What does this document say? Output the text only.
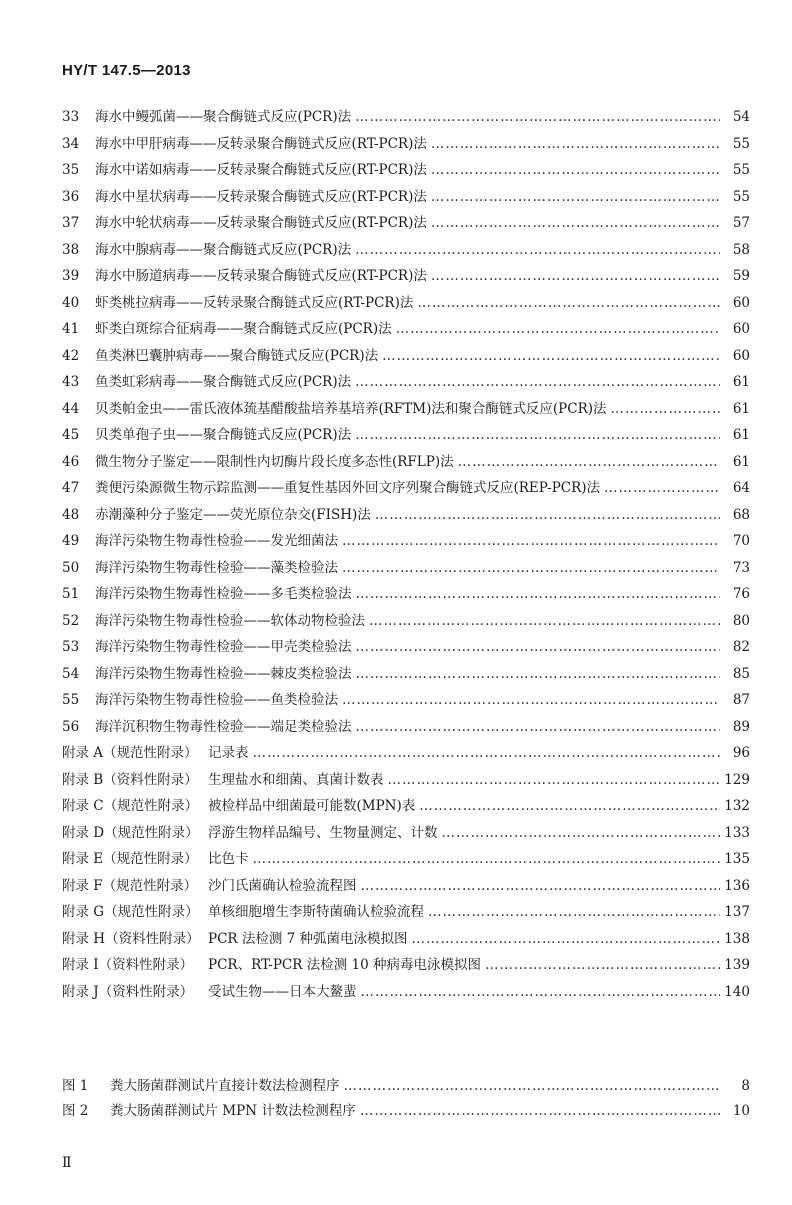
HY/T 147.5—2013
33	海水中鳗弧菌——聚合酶链式反应(PCR)法 ……………………………………………………………………………………………………………………………………………………	54
34	海水中甲肝病毒——反转录聚合酶链式反应(RT-PCR)法 ……………………………………………………………………………………………………………………………………………………	55
35	海水中诺如病毒——反转录聚合酶链式反应(RT-PCR)法 ……………………………………………………………………………………………………………………………………………………	55
36	海水中星状病毒——反转录聚合酶链式反应(RT-PCR)法 ……………………………………………………………………………………………………………………………………………………	55
37	海水中轮状病毒——反转录聚合酶链式反应(RT-PCR)法 ……………………………………………………………………………………………………………………………………………………	57
38	海水中腺病毒——聚合酶链式反应(PCR)法 ……………………………………………………………………………………………………………………………………………………	58
39	海水中肠道病毒——反转录聚合酶链式反应(RT-PCR)法 ……………………………………………………………………………………………………………………………………………………	59
40	虾类桃拉病毒——反转录聚合酶链式反应(RT-PCR)法 ……………………………………………………………………………………………………………………………………………………	60
41	虾类白斑综合征病毒——聚合酶链式反应(PCR)法 ……………………………………………………………………………………………………………………………………………………	60
42	鱼类淋巴囊肿病毒——聚合酶链式反应(PCR)法 ……………………………………………………………………………………………………………………………………………………	60
43	鱼类虹彩病毒——聚合酶链式反应(PCR)法 ……………………………………………………………………………………………………………………………………………………	61
44	贝类帕金虫——雷氏液体巯基醋酸盐培养基培养(RFTM)法和聚合酶链式反应(PCR)法 ……………………………………………………………………………………………………………………………………………………	61
45	贝类单孢子虫——聚合酶链式反应(PCR)法 ……………………………………………………………………………………………………………………………………………………	61
46	微生物分子鉴定——限制性内切酶片段长度多态性(RFLP)法 ……………………………………………………………………………………………………………………………………………………	61
47	粪便污染源微生物示踪监测——重复性基因外回文序列聚合酶链式反应(REP-PCR)法 ……………………………………………………………………………………………………………………………………………………	64
48	赤潮藻种分子鉴定——荧光原位杂交(FISH)法 ……………………………………………………………………………………………………………………………………………………	68
49	海洋污染物生物毒性检验——发光细菌法 ……………………………………………………………………………………………………………………………………………………	70
50	海洋污染物生物毒性检验——藻类检验法 ……………………………………………………………………………………………………………………………………………………	73
51	海洋污染物生物毒性检验——多毛类检验法 ……………………………………………………………………………………………………………………………………………………	76
52	海洋污染物生物毒性检验——软体动物检验法 ……………………………………………………………………………………………………………………………………………………	80
53	海洋污染物生物毒性检验——甲壳类检验法 ……………………………………………………………………………………………………………………………………………………	82
54	海洋污染物生物毒性检验——棘皮类检验法 ……………………………………………………………………………………………………………………………………………………	85
55	海洋污染物生物毒性检验——鱼类检验法 ……………………………………………………………………………………………………………………………………………………	87
56	海洋沉积物生物毒性检验——端足类检验法 ……………………………………………………………………………………………………………………………………………………	89
附录 A（规范性附录） 记录表 ……………………………………………………………………………………………………………………………………………………	96
附录 B（资料性附录） 生理盐水和细菌、真菌计数表 ……………………………………………………………………………………………………………………………………………………	129
附录 C（规范性附录） 被检样品中细菌最可能数(MPN)表 ……………………………………………………………………………………………………………………………………………………	132
附录 D（规范性附录） 浮游生物样品编号、生物量测定、计数 ……………………………………………………………………………………………………………………………………………………	133
附录 E（规范性附录） 比色卡 ……………………………………………………………………………………………………………………………………………………	135
附录 F（规范性附录） 沙门氏菌确认检验流程图 ……………………………………………………………………………………………………………………………………………………	136
附录 G（规范性附录） 单核细胞增生李斯特菌确认检验流程 ……………………………………………………………………………………………………………………………………………………	137
附录 H（资料性附录） PCR 法检测 7 种弧菌电泳模拟图 ……………………………………………………………………………………………………………………………………………………	138
附录 I（资料性附录）	PCR、RT-PCR 法检测 10 种病毒电泳模拟图 ……………………………………………………………………………………………………………………………………………………	139
附录 J（资料性附录）	受试生物——日本大鳌蜚 ……………………………………………………………………………………………………………………………………………………	140
图 1	粪大肠菌群测试片直接计数法检测程序 ……………………………………………………………………………………………………………………………………………………	8
图 2	粪大肠菌群测试片 MPN 计数法检测程序 ……………………………………………………………………………………………………………………………………………………	10
Ⅱ
